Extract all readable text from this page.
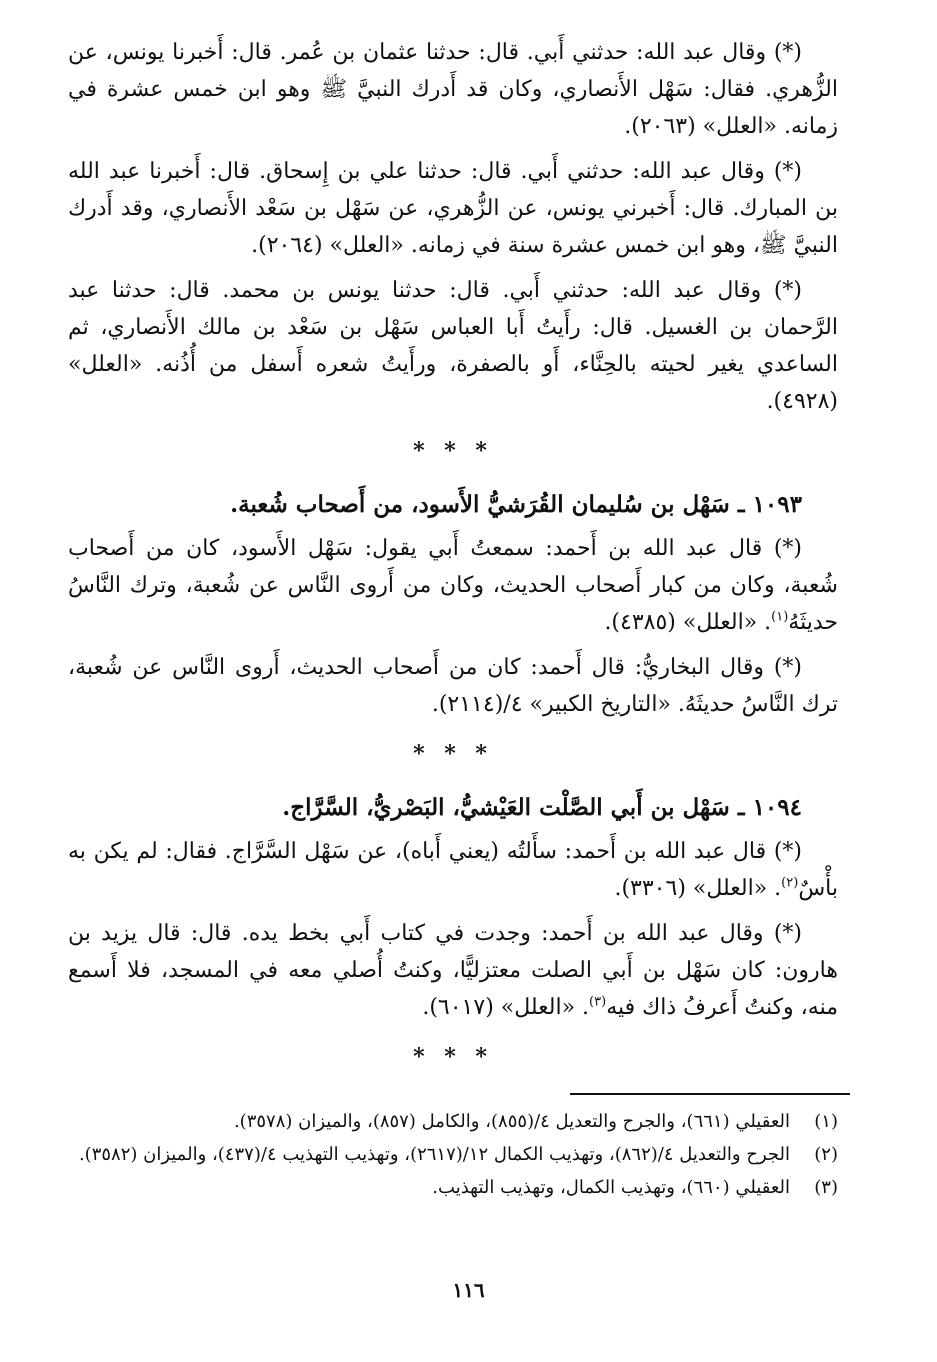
(*) وقال عبد الله: حدثني أَبي. قال: حدثنا عثمان بن عُمر. قال: أَخبرنا يونس، عن الزُّهري. فقال: سَهْل الأَنصاري، وكان قد أَدرك النبيَّ ﷺ وهو ابن خمس عشرة في زمانه. «العلل» (٢٠٦٣).

(*) وقال عبد الله: حدثني أَبي. قال: حدثنا علي بن إِسحاق. قال: أَخبرنا عبد الله بن المبارك. قال: أَخبرني يونس، عن الزُّهري، عن سَهْل بن سَعْد الأَنصاري، وقد أَدرك النبيَّ ﷺ، وهو ابن خمس عشرة سنة في زمانه. «العلل» (٢٠٦٤).

(*) وقال عبد الله: حدثني أَبي. قال: حدثنا يونس بن محمد. قال: حدثنا عبد الرَّحمان بن الغسيل. قال: رأَيتُ أَبا العباس سَهْل بن سَعْد بن مالك الأَنصاري، ثم الساعدي يغير لحيته بالحِنَّاء، أَو بالصفرة، ورأَيتُ شعره أَسفل من أُذُنه. «العلل» (٤٩٢٨).

* * *

١٠٩٣ ـ سَهْل بن سُليمان القُرَشيُّ الأَسود، من أَصحاب شُعبة.

(*) قال عبد الله بن أَحمد: سمعتُ أَبي يقول: سَهْل الأَسود، كان من أَصحاب شُعبة، وكان من كبار أَصحاب الحديث، وكان من أَروى النَّاس عن شُعبة، وترك النَّاسُ حديثَهُ$^{(١)}$. «العلل» (٤٣٨٥).

(*) وقال البخاريُّ: قال أَحمد: كان من أَصحاب الحديث، أَروى النَّاس عن شُعبة، ترك النَّاسُ حديثَهُ. «التاريخ الكبير» ٤/(٢١١٤).

* * *

١٠٩٤ ـ سَهْل بن أَبي الصَّلْت العَيْشيُّ، البَصْريُّ، السَّرَّاج.

(*) قال عبد الله بن أَحمد: سأَلتُه (يعني أَباه)، عن سَهْل السَّرَّاج. فقال: لم يكن به بأْسٌ$^{(٢)}$. «العلل» (٣٣٠٦).

(*) وقال عبد الله بن أَحمد: وجدت في كتاب أَبي بخط يده. قال: قال يزيد بن هارون: كان سَهْل بن أَبي الصلت معتزليًّا، وكنتُ أُصلي معه في المسجد، فلا أَسمع منه، وكنتُ أَعرفُ ذاك فيه$^{(٣)}$. «العلل» (٦٠١٧).

* * *
(١)
العقيلي (٦٦١)، والجرح والتعديل ٤/(٨٥٥)، والكامل (٨٥٧)، والميزان (٣٥٧٨).
(٢)
الجرح والتعديل ٤/(٨٦٢)، وتهذيب الكمال ١٢/(٢٦١٧)، وتهذيب التهذيب ٤/(٤٣٧)، والميزان (٣٥٨٢).
(٣)
العقيلي (٦٦٠)، وتهذيب الكمال، وتهذيب التهذيب.
١١٦
